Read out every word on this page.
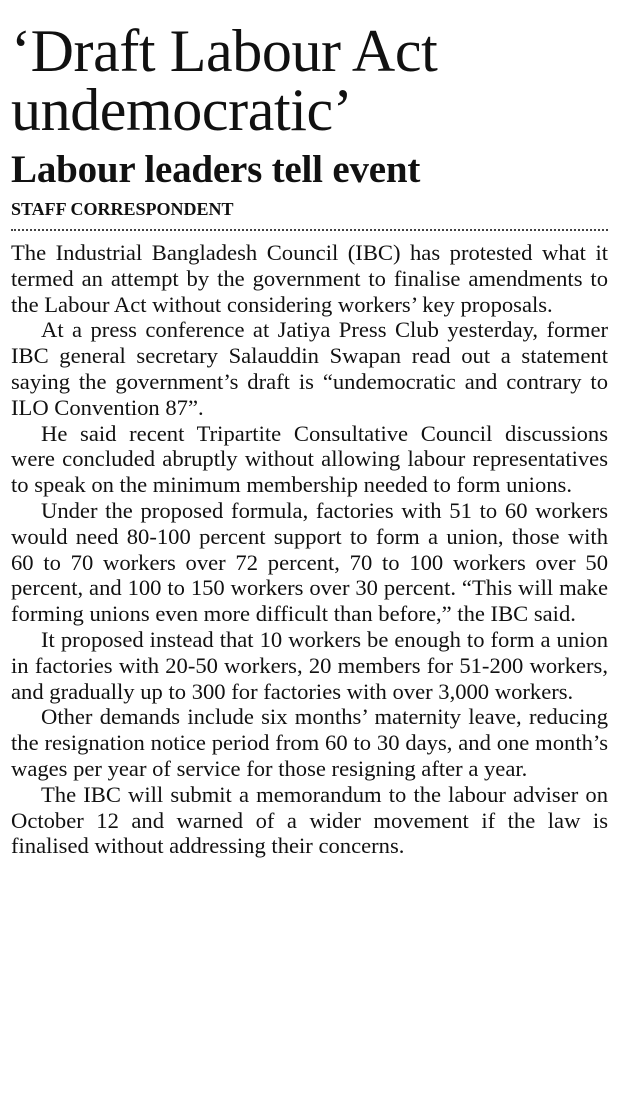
‘Draft Labour Act
undemocratic’
Labour leaders tell event
STAFF CORRESPONDENT

The Industrial Bangladesh Council (IBC) has protested what it termed an attempt by the government to finalise amendments to the Labour Act without considering workers’ key proposals.

At a press conference at Jatiya Press Club yesterday, former IBC general secretary Salauddin Swapan read out a statement saying the government’s draft is “undemocratic and contrary to ILO Convention 87”.

He said recent Tripartite Consultative Council discussions were concluded abruptly without allowing labour representatives to speak on the minimum membership needed to form unions.

Under the proposed formula, factories with 51 to 60 workers would need 80-100 percent support to form a union, those with 60 to 70 workers over 72 percent, 70 to 100 workers over 50 percent, and 100 to 150 workers over 30 percent. “This will make forming unions even more difficult than before,” the IBC said.

It proposed instead that 10 workers be enough to form a union in factories with 20-50 workers, 20 members for 51-200 workers, and gradually up to 300 for factories with over 3,000 workers.

Other demands include six months’ maternity leave, reducing the resignation notice period from 60 to 30 days, and one month’s wages per year of service for those resigning after a year.

The IBC will submit a memorandum to the labour adviser on October 12 and warned of a wider movement if the law is finalised without addressing their concerns.
